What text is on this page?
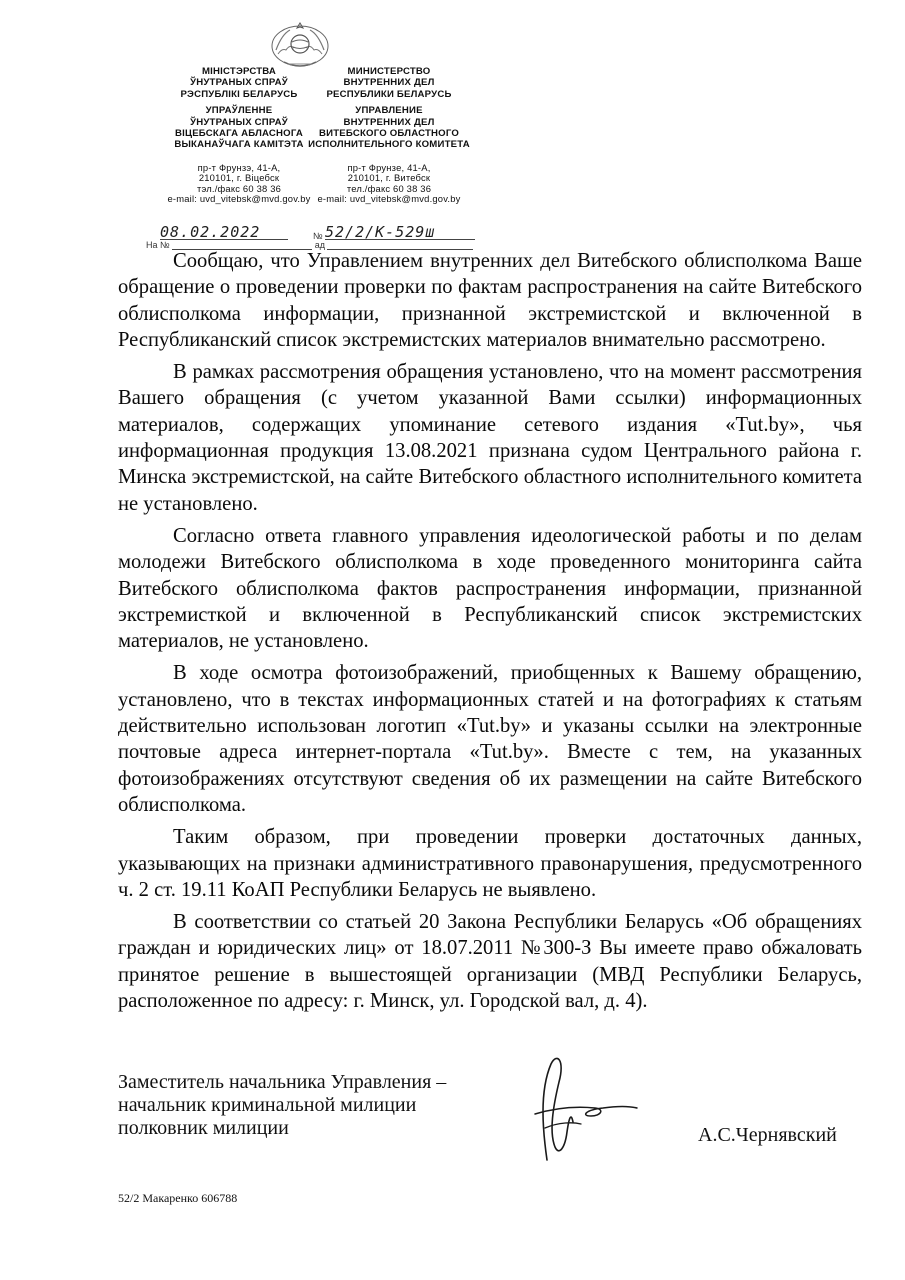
МІНІСТЭРСТВА
ЎНУТРАНЫХ СПРАЎ
РЭСПУБЛІКІ БЕЛАРУСЬ
УПРАЎЛЕННЕ
ЎНУТРАНЫХ СПРАЎ
ВІЦЕБСКАГА АБЛАСНОГА
ВЫКАНАЎЧАГА КАМІТЭТА
пр-т Фрунзэ, 41-А,
210101, г. Віцебск
тэл./факс 60 38 36
e-mail: uvd_vitebsk@mvd.gov.by
МИНИСТЕРСТВО
ВНУТРЕННИХ ДЕЛ
РЕСПУБЛИКИ БЕЛАРУСЬ
УПРАВЛЕНИЕ
ВНУТРЕННИХ ДЕЛ
ВИТЕБСКОГО ОБЛАСТНОГО
ИСПОЛНИТЕЛЬНОГО КОМИТЕТА
пр-т Фрунзе, 41-А,
210101, г. Витебск
тел./факс 60 38 36
e-mail: uvd_vitebsk@mvd.gov.by
08.02.2022	№ 52/2/К-529ш
На №	ад

Сообщаю, что Управлением внутренних дел Витебского облисполкома Ваше обращение о проведении проверки по фактам распространения на сайте Витебского облисполкома информации, признанной экстремистской и включенной в Республиканский список экстремистских материалов внимательно рассмотрено.

В рамках рассмотрения обращения установлено, что на момент рассмотрения Вашего обращения (с учетом указанной Вами ссылки) информационных материалов, содержащих упоминание сетевого издания «Tut.by», чья информационная продукция 13.08.2021 признана судом Центрального района г. Минска экстремистской, на сайте Витебского областного исполнительного комитета не установлено.

Согласно ответа главного управления идеологической работы и по делам молодежи Витебского облисполкома в ходе проведенного мониторинга сайта Витебского облисполкома фактов распространения информации, признанной экстремисткой и включенной в Республиканский список экстремистских материалов, не установлено.

В ходе осмотра фотоизображений, приобщенных к Вашему обращению, установлено, что в текстах информационных статей и на фотографиях к статьям действительно использован логотип «Tut.by» и указаны ссылки на электронные почтовые адреса интернет-портала «Tut.by». Вместе с тем, на указанных фотоизображениях отсутствуют сведения об их размещении на сайте Витебского облисполкома.

Таким образом, при проведении проверки достаточных данных, указывающих на признаки административного правонарушения, предусмотренного ч. 2 ст. 19.11 КоАП Республики Беларусь не выявлено.

В соответствии со статьей 20 Закона Республики Беларусь «Об обращениях граждан и юридических лиц» от 18.07.2011 №300-З Вы имеете право обжаловать принятое решение в вышестоящей организации (МВД Республики Беларусь, расположенное по адресу: г. Минск, ул. Городской вал, д. 4).

Заместитель начальника Управления –
начальник криминальной милиции
полковник милиции	А.С.Чернявский
52/2 Макаренко 606788
